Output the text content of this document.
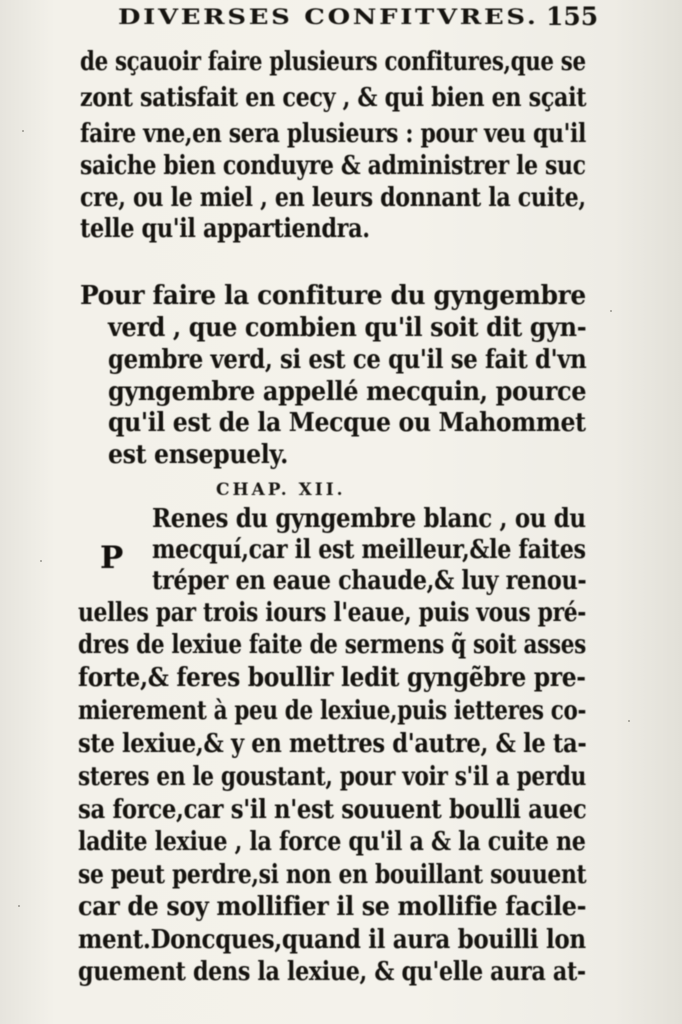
DIVERSES CONFITVRES. 155
de sçauoir faire plusieurs confitures,que se
zont satisfait en cecy , & qui bien en sçait
faire vne,en sera plusieurs : pour veu qu'il
saiche bien conduyre & administrer le suc
cre, ou le miel , en leurs donnant la cuite,
telle qu'il appartiendra.
Pour faire la confiture du gyngembre
verd , que combien qu'il soit dit gyn-
gembre verd, si est ce qu'il se fait d'vn
gyngembre appellé mecquin, pource
qu'il est de la Mecque ou Mahommet
est ensepuely.
CHAP. XII.
P
Renes du gyngembre blanc , ou du
mecquí,car il est meilleur,&le faites
tréper en eaue chaude,& luy renou-
uelles par trois iours l'eaue, puis vous pré-
dres de lexiue faite de sermens q̃ soit asses
forte,& feres boullir ledit gyngẽbre pre-
mierement à peu de lexiue,puis ietteres co-
ste lexiue,& y en mettres d'autre, & le ta-
steres en le goustant, pour voir s'il a perdu
sa force,car s'il n'est souuent boulli auec
ladite lexiue , la force qu'il a & la cuite ne
se peut perdre,si non en bouillant souuent
car de soy mollifier il se mollifie facile-
ment.Doncques,quand il aura bouilli lon
guement dens la lexiue, & qu'elle aura at-
